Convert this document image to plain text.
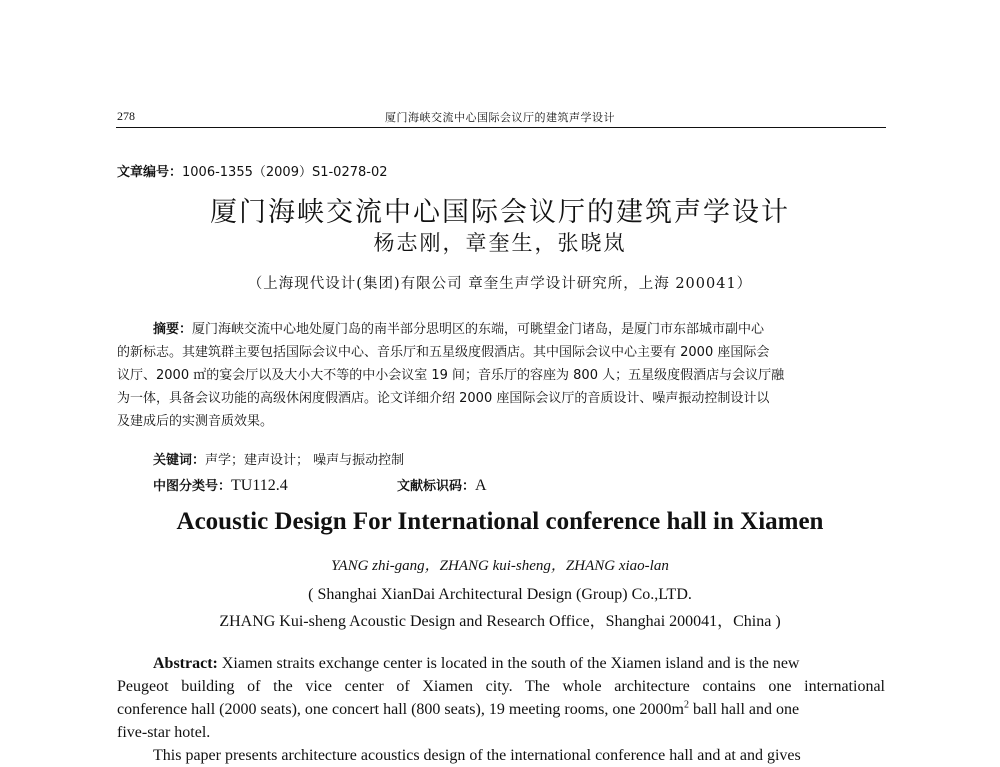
278	厦门海峡交流中心国际会议厅的建筑声学设计
文章编号：1006-1355（2009）S1-0278-02
厦门海峡交流中心国际会议厅的建筑声学设计
杨志刚，章奎生，张晓岚
（上海现代设计(集团)有限公司 章奎生声学设计研究所，上海 200041）
摘要：厦门海峡交流中心地处厦门岛的南半部分思明区的东端，可眺望金门诸岛，是厦门市东部城市副中心
的新标志。其建筑群主要包括国际会议中心、音乐厅和五星级度假酒店。其中国际会议中心主要有 2000 座国际会
议厅、2000 ㎡的宴会厅以及大小大不等的中小会议室 19 间；音乐厅的容座为 800 人；五星级度假酒店与会议厅融
为一体，具备会议功能的高级休闲度假酒店。论文详细介绍 2000 座国际会议厅的音质设计、噪声振动控制设计以
及建成后的实测音质效果。
关键词：声学；建声设计； 噪声与振动控制
中图分类号：TU112.4	文献标识码：A
Acoustic Design For International conference hall in Xiamen
YANG zhi-gang，ZHANG kui-sheng，ZHANG xiao-lan
( Shanghai XianDai Architectural Design (Group) Co.,LTD.
ZHANG Kui-sheng Acoustic Design and Research Office，Shanghai 200041，China )
Abstract: Xiamen straits exchange center is located in the south of the Xiamen island and is the new
Peugeot building of the vice center of Xiamen city. The whole architecture contains one international
conference hall (2000 seats), one concert hall (800 seats), 19 meeting rooms, one $2000m^2$ ball hall and one
five-star hotel.
This paper presents architecture acoustics design of the international conference hall and at and gives
